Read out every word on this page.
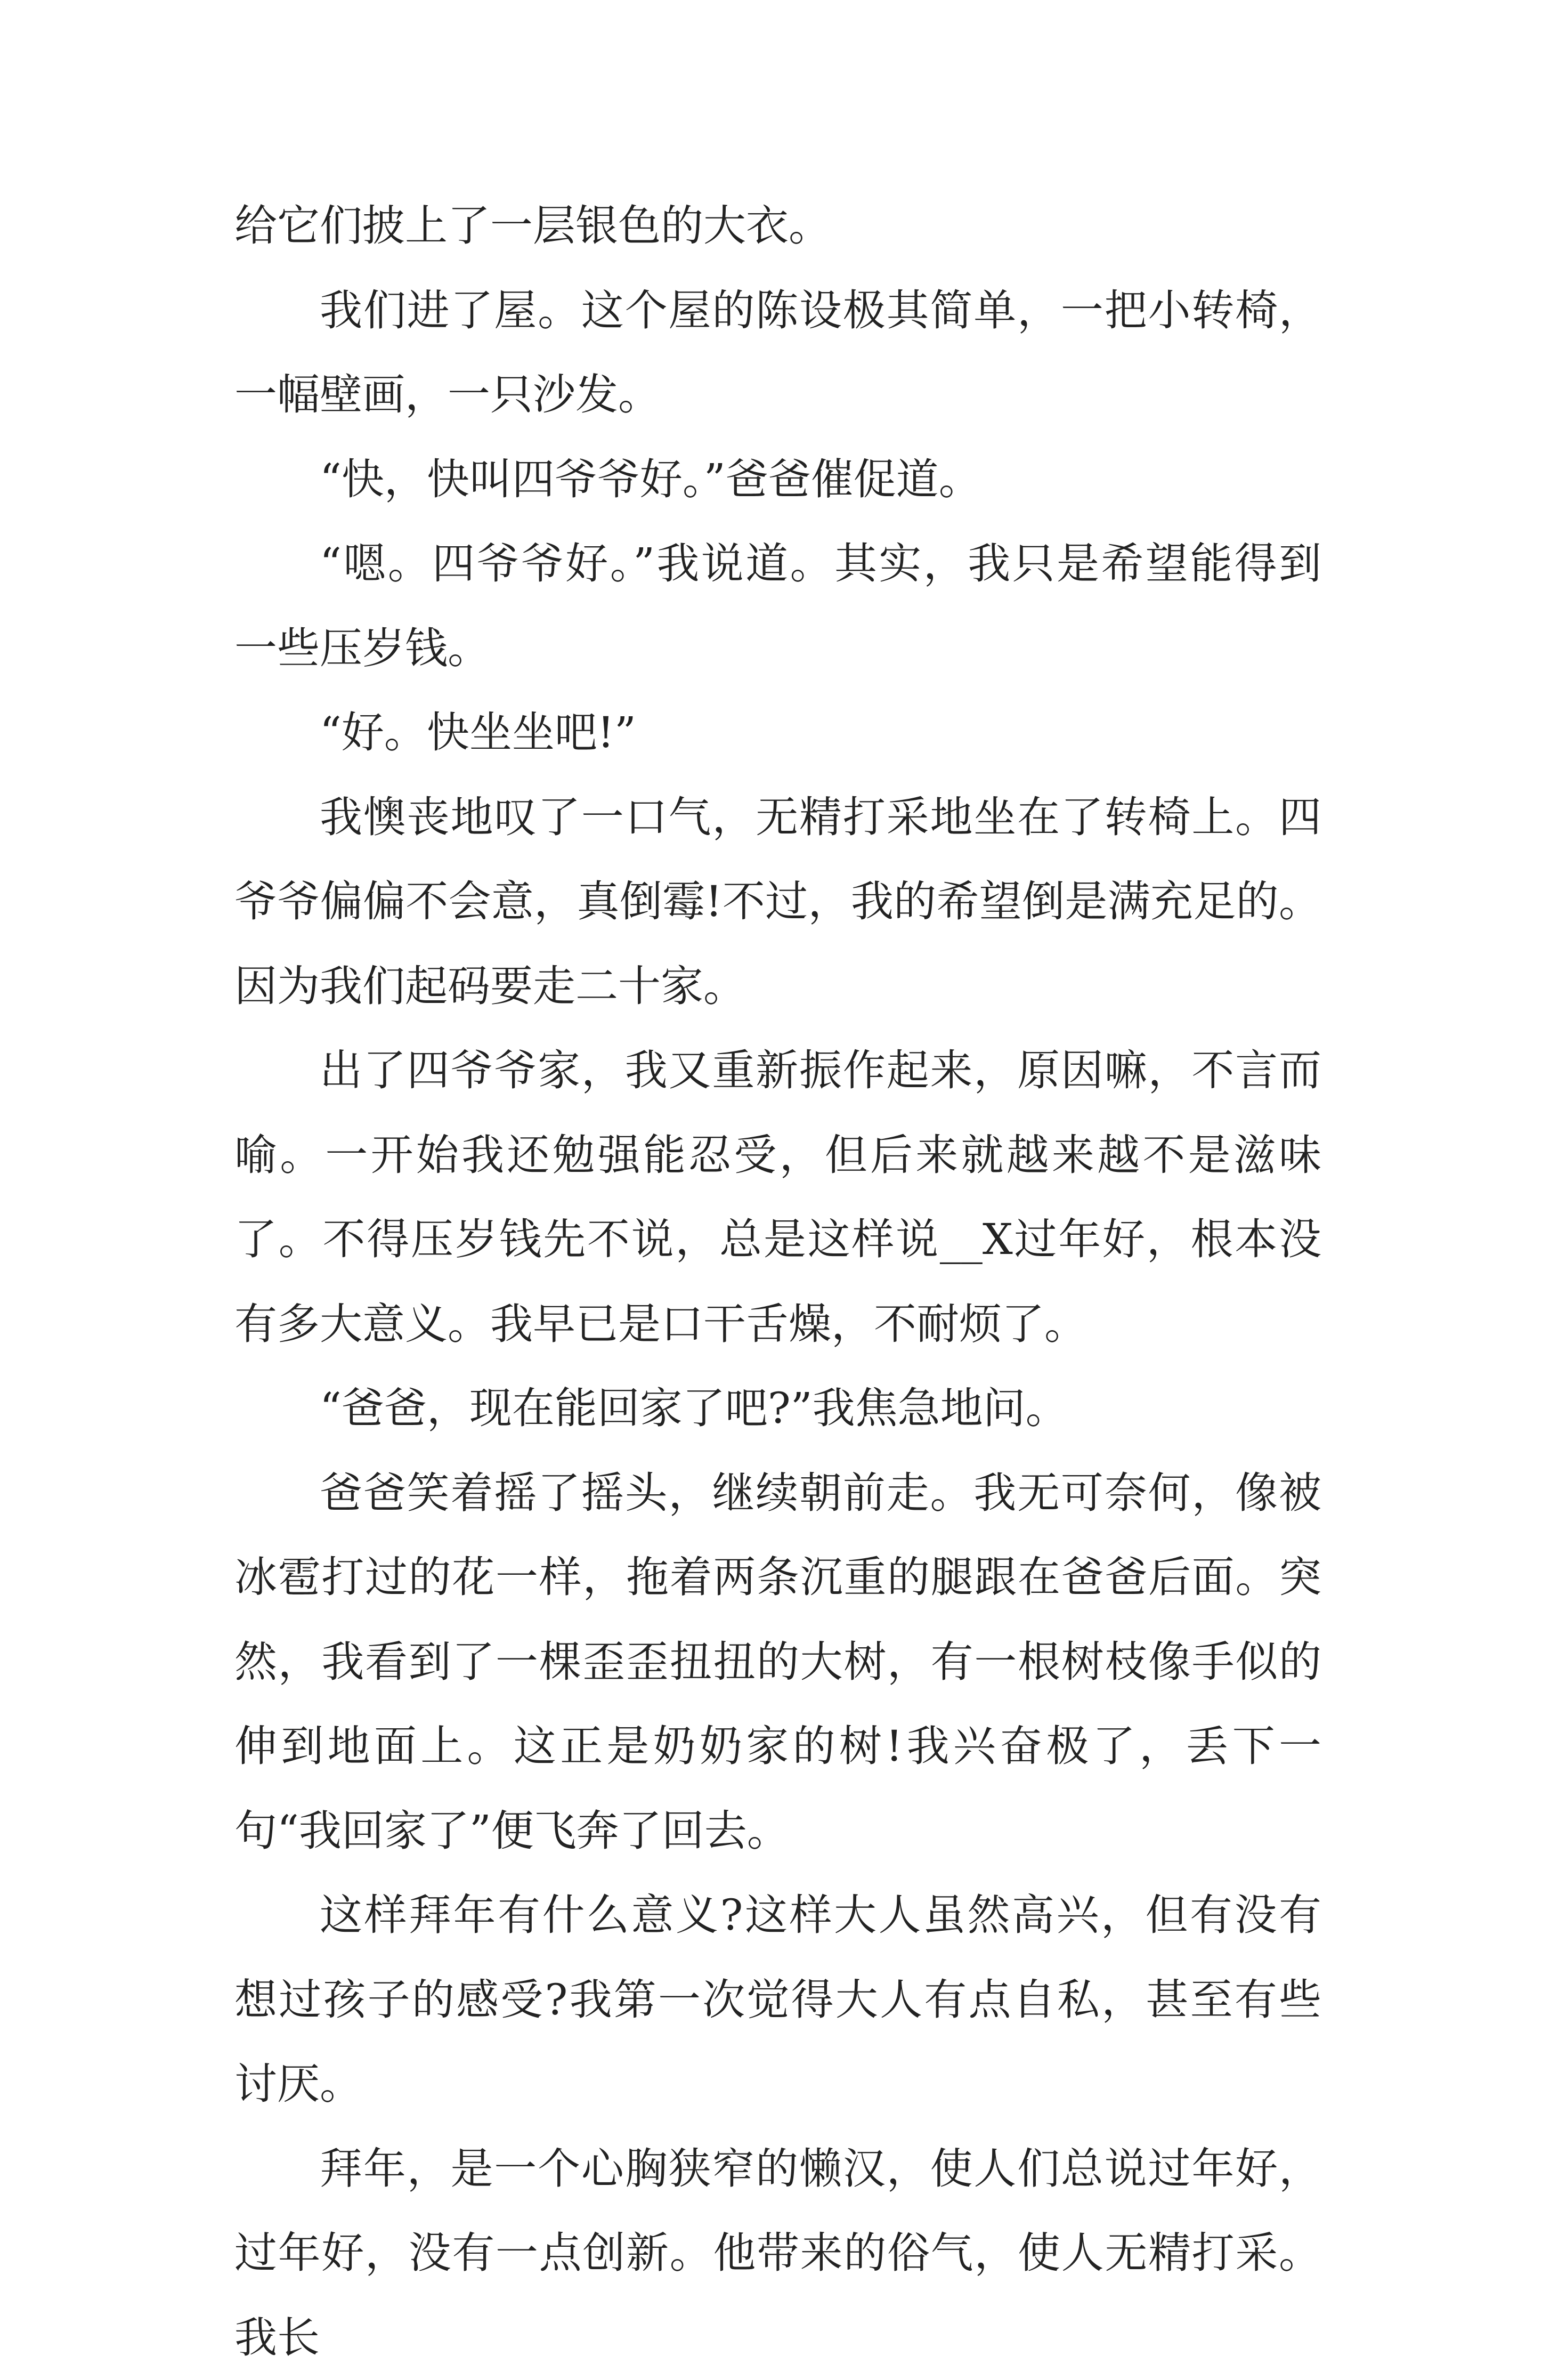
给它们披上了一层银色的大衣。

我们进了屋。这个屋的陈设极其简单，一把小转椅，一幅壁画，一只沙发。

“快，快叫四爷爷好。”爸爸催促道。

“嗯。四爷爷好。”我说道。其实，我只是希望能得到一些压岁钱。

“好。快坐坐吧!”

我懊丧地叹了一口气，无精打采地坐在了转椅上。四爷爷偏偏不会意，真倒霉!不过，我的希望倒是满充足的。因为我们起码要走二十家。

出了四爷爷家，我又重新振作起来，原因嘛，不言而喻。一开始我还勉强能忍受，但后来就越来越不是滋味了。不得压岁钱先不说，总是这样说__X过年好，根本没有多大意义。我早已是口干舌燥，不耐烦了。

“爸爸，现在能回家了吧?”我焦急地问。

爸爸笑着摇了摇头，继续朝前走。我无可奈何，像被冰雹打过的花一样，拖着两条沉重的腿跟在爸爸后面。突然，我看到了一棵歪歪扭扭的大树，有一根树枝像手似的伸到地面上。这正是奶奶家的树!我兴奋极了，丢下一句“我回家了”便飞奔了回去。

这样拜年有什么意义?这样大人虽然高兴，但有没有想过孩子的感受?我第一次觉得大人有点自私，甚至有些讨厌。

拜年，是一个心胸狭窄的懒汉，使人们总说过年好，过年好，没有一点创新。他带来的俗气，使人无精打采。我长
